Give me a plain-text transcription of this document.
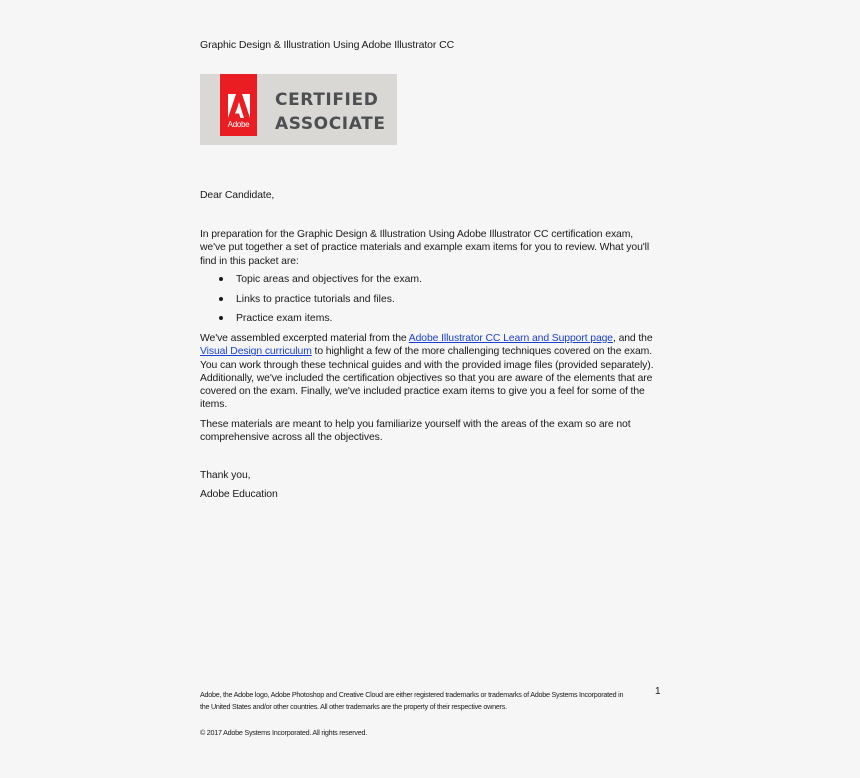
Graphic Design & Illustration Using Adobe Illustrator CC
Adobe
CERTIFIED
ASSOCIATE
Dear Candidate,
In preparation for the Graphic Design & Illustration Using Adobe Illustrator CC certification exam, we've put together a set of practice materials and example exam items for you to review. What you'll find in this packet are:
Topic areas and objectives for the exam.
Links to practice tutorials and files.
Practice exam items.
We've assembled excerpted material from the Adobe Illustrator CC Learn and Support page, and the Visual Design curriculum to highlight a few of the more challenging techniques covered on the exam. You can work through these technical guides and with the provided image files (provided separately). Additionally, we've included the certification objectives so that you are aware of the elements that are covered on the exam. Finally, we've included practice exam items to give you a feel for some of the items.
These materials are meant to help you familiarize yourself with the areas of the exam so are not comprehensive across all the objectives.
Thank you,
Adobe Education
Adobe, the Adobe logo, Adobe Photoshop and Creative Cloud are either registered trademarks or trademarks of Adobe Systems Incorporated in the United States and/or other countries. All other trademarks are the property of their respective owners.
1
© 2017 Adobe Systems Incorporated. All rights reserved.
